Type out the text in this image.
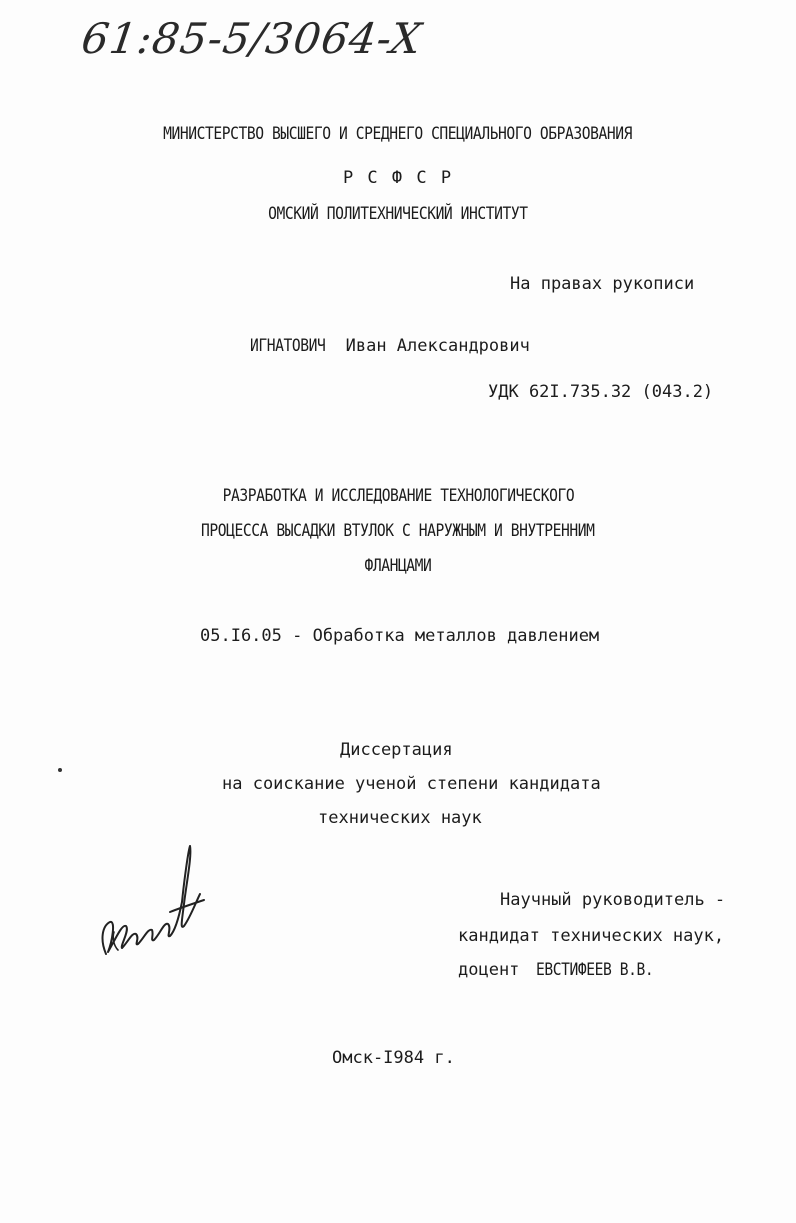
61:85-5/3064-X
МИНИСТЕРСТВО ВЫСШЕГО И СРЕДНЕГО СПЕЦИАЛЬНОГО ОБРАЗОВАНИЯ
Р С Ф С Р
ОМСКИЙ ПОЛИТЕХНИЧЕСКИЙ ИНСТИТУТ
На правах рукописи
ИГНАТОВИЧ Иван Александрович
УДК 62I.735.32 (043.2)
РАЗРАБОТКА И ИССЛЕДОВАНИЕ ТЕХНОЛОГИЧЕСКОГО
ПРОЦЕССА ВЫСАДКИ ВТУЛОК С НАРУЖНЫМ И ВНУТРЕННИМ
ФЛАНЦАМИ
05.I6.05 - Обработка металлов давлением
Диссертация
на соискание ученой степени кандидата
технических наук
Научный руководитель -
кандидат технических наук,
доцент ЕВСТИФЕЕВ В.В.
Омск-I984 г.
